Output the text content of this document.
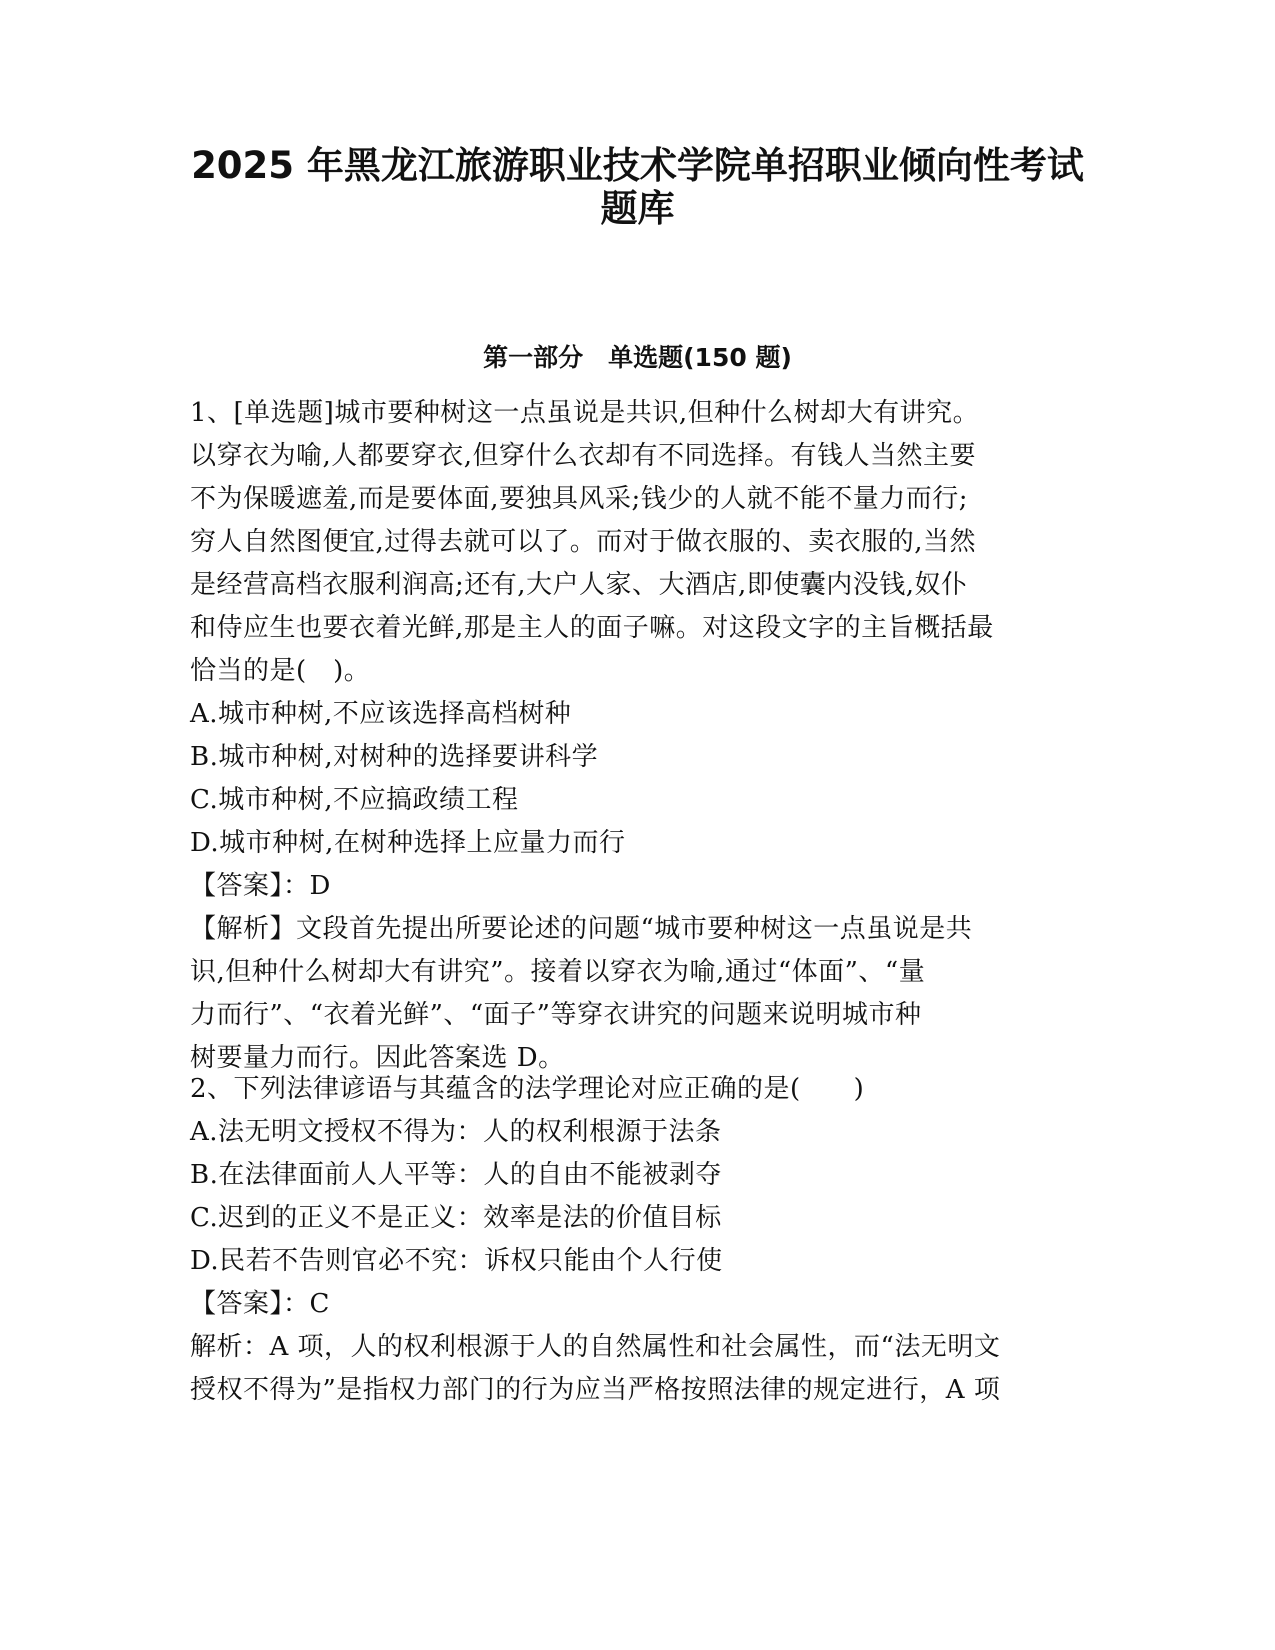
2025 年黑龙江旅游职业技术学院单招职业倾向性考试
题库
第一部分　单选题(150 题)
1、[单选题]城市要种树这一点虽说是共识,但种什么树却大有讲究。
以穿衣为喻,人都要穿衣,但穿什么衣却有不同选择。有钱人当然主要
不为保暖遮羞,而是要体面,要独具风采;钱少的人就不能不量力而行;
穷人自然图便宜,过得去就可以了。而对于做衣服的、卖衣服的,当然
是经营高档衣服利润高;还有,大户人家、大酒店,即使囊内没钱,奴仆
和侍应生也要衣着光鲜,那是主人的面子嘛。对这段文字的主旨概括最
恰当的是(　)。
A.城市种树,不应该选择高档树种
B.城市种树,对树种的选择要讲科学
C.城市种树,不应搞政绩工程
D.城市种树,在树种选择上应量力而行
【答案】：D
【解析】文段首先提出所要论述的问题“城市要种树这一点虽说是共
识,但种什么树却大有讲究”。接着以穿衣为喻,通过“体面”、“量
力而行”、“衣着光鲜”、“面子”等穿衣讲究的问题来说明城市种
树要量力而行。因此答案选 D。
2、下列法律谚语与其蕴含的法学理论对应正确的是(　　)
A.法无明文授权不得为：人的权利根源于法条
B.在法律面前人人平等：人的自由不能被剥夺
C.迟到的正义不是正义：效率是法的价值目标
D.民若不告则官必不究：诉权只能由个人行使
【答案】：C
解析：A 项，人的权利根源于人的自然属性和社会属性，而“法无明文
授权不得为”是指权力部门的行为应当严格按照法律的规定进行，A 项
